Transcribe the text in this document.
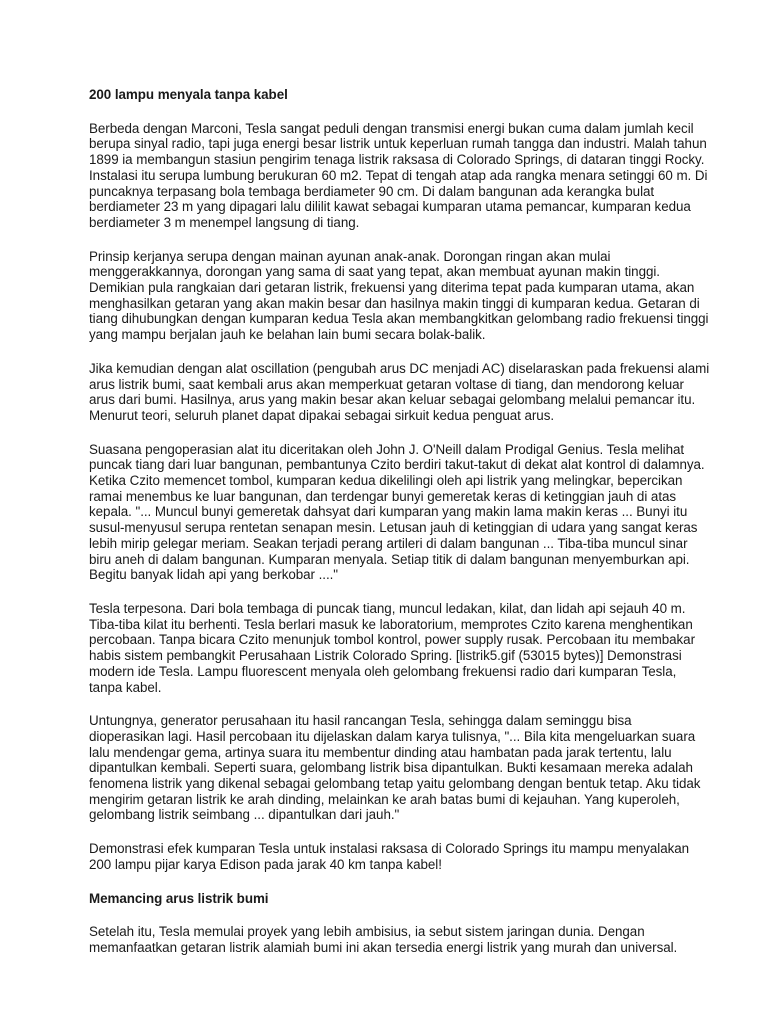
200 lampu menyala tanpa kabel
Berbeda dengan Marconi, Tesla sangat peduli dengan transmisi energi bukan cuma dalam jumlah kecil
berupa sinyal radio, tapi juga energi besar listrik untuk keperluan rumah tangga dan industri. Malah tahun
1899 ia membangun stasiun pengirim tenaga listrik raksasa di Colorado Springs, di dataran tinggi Rocky.
Instalasi itu serupa lumbung berukuran 60 m2. Tepat di tengah atap ada rangka menara setinggi 60 m. Di
puncaknya terpasang bola tembaga berdiameter 90 cm. Di dalam bangunan ada kerangka bulat
berdiameter 23 m yang dipagari lalu dililit kawat sebagai kumparan utama pemancar, kumparan kedua
berdiameter 3 m menempel langsung di tiang.
Prinsip kerjanya serupa dengan mainan ayunan anak-anak. Dorongan ringan akan mulai
menggerakkannya, dorongan yang sama di saat yang tepat, akan membuat ayunan makin tinggi.
Demikian pula rangkaian dari getaran listrik, frekuensi yang diterima tepat pada kumparan utama, akan
menghasilkan getaran yang akan makin besar dan hasilnya makin tinggi di kumparan kedua. Getaran di
tiang dihubungkan dengan kumparan kedua Tesla akan membangkitkan gelombang radio frekuensi tinggi
yang mampu berjalan jauh ke belahan lain bumi secara bolak-balik.
Jika kemudian dengan alat oscillation (pengubah arus DC menjadi AC) diselaraskan pada frekuensi alami
arus listrik bumi, saat kembali arus akan memperkuat getaran voltase di tiang, dan mendorong keluar
arus dari bumi. Hasilnya, arus yang makin besar akan keluar sebagai gelombang melalui pemancar itu.
Menurut teori, seluruh planet dapat dipakai sebagai sirkuit kedua penguat arus.
Suasana pengoperasian alat itu diceritakan oleh John J. O'Neill dalam Prodigal Genius. Tesla melihat
puncak tiang dari luar bangunan, pembantunya Czito berdiri takut-takut di dekat alat kontrol di dalamnya.
Ketika Czito memencet tombol, kumparan kedua dikelilingi oleh api listrik yang melingkar, bepercikan
ramai menembus ke luar bangunan, dan terdengar bunyi gemeretak keras di ketinggian jauh di atas
kepala. "... Muncul bunyi gemeretak dahsyat dari kumparan yang makin lama makin keras ... Bunyi itu
susul-menyusul serupa rentetan senapan mesin. Letusan jauh di ketinggian di udara yang sangat keras
lebih mirip gelegar meriam. Seakan terjadi perang artileri di dalam bangunan ... Tiba-tiba muncul sinar
biru aneh di dalam bangunan. Kumparan menyala. Setiap titik di dalam bangunan menyemburkan api.
Begitu banyak lidah api yang berkobar ...."
Tesla terpesona. Dari bola tembaga di puncak tiang, muncul ledakan, kilat, dan lidah api sejauh 40 m.
Tiba-tiba kilat itu berhenti. Tesla berlari masuk ke laboratorium, memprotes Czito karena menghentikan
percobaan. Tanpa bicara Czito menunjuk tombol kontrol, power supply rusak. Percobaan itu membakar
habis sistem pembangkit Perusahaan Listrik Colorado Spring. [listrik5.gif (53015 bytes)] Demonstrasi
modern ide Tesla. Lampu fluorescent menyala oleh gelombang frekuensi radio dari kumparan Tesla,
tanpa kabel.
Untungnya, generator perusahaan itu hasil rancangan Tesla, sehingga dalam seminggu bisa
dioperasikan lagi. Hasil percobaan itu dijelaskan dalam karya tulisnya, "... Bila kita mengeluarkan suara
lalu mendengar gema, artinya suara itu membentur dinding atau hambatan pada jarak tertentu, lalu
dipantulkan kembali. Seperti suara, gelombang listrik bisa dipantulkan. Bukti kesamaan mereka adalah
fenomena listrik yang dikenal sebagai gelombang tetap yaitu gelombang dengan bentuk tetap. Aku tidak
mengirim getaran listrik ke arah dinding, melainkan ke arah batas bumi di kejauhan. Yang kuperoleh,
gelombang listrik seimbang ... dipantulkan dari jauh."
Demonstrasi efek kumparan Tesla untuk instalasi raksasa di Colorado Springs itu mampu menyalakan
200 lampu pijar karya Edison pada jarak 40 km tanpa kabel!
Memancing arus listrik bumi
Setelah itu, Tesla memulai proyek yang lebih ambisius, ia sebut sistem jaringan dunia. Dengan
memanfaatkan getaran listrik alamiah bumi ini akan tersedia energi listrik yang murah dan universal.
